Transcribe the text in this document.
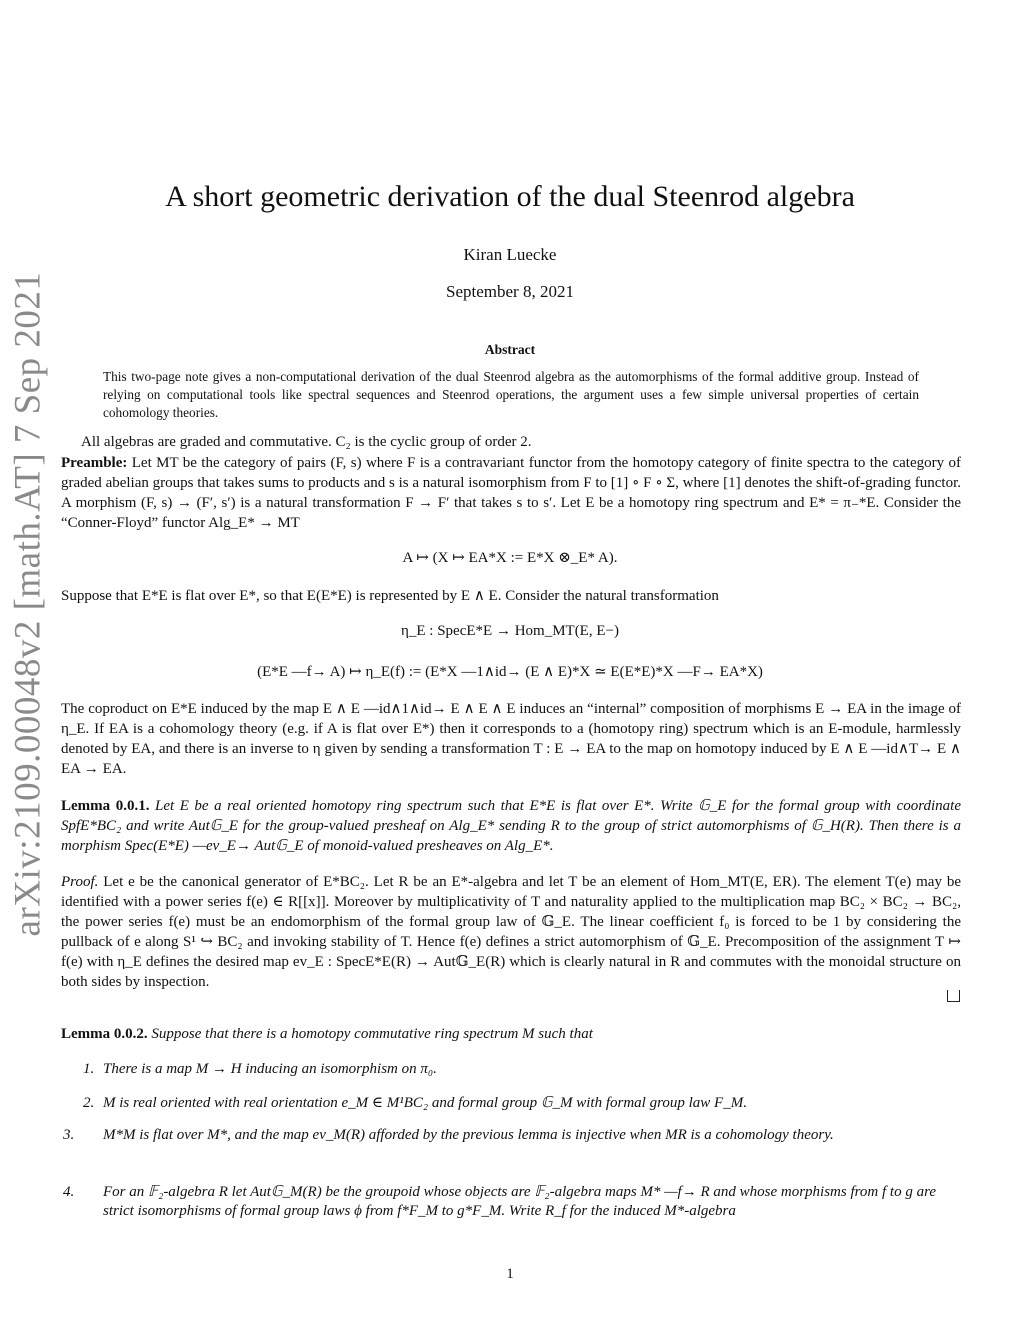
arXiv:2109.00048v2 [math.AT] 7 Sep 2021
A short geometric derivation of the dual Steenrod algebra
Kiran Luecke
September 8, 2021
Abstract
This two-page note gives a non-computational derivation of the dual Steenrod algebra as the automorphisms of the formal additive group. Instead of relying on computational tools like spectral sequences and Steenrod operations, the argument uses a few simple universal properties of certain cohomology theories.
All algebras are graded and commutative. C₂ is the cyclic group of order 2.
Preamble: Let MT be the category of pairs (F, s) where F is a contravariant functor from the homotopy category of finite spectra to the category of graded abelian groups that takes sums to products and s is a natural isomorphism from F to [1] ∘ F ∘ Σ, where [1] denotes the shift-of-grading functor. A morphism (F, s) → (F′, s′) is a natural transformation F → F′ that takes s to s′. Let E be a homotopy ring spectrum and E* = π₋*E. Consider the “Conner-Floyd” functor Alg_E* → MT
A ↦ (X ↦ EA*X := E*X ⊗_E* A).
Suppose that E*E is flat over E*, so that E(E*E) is represented by E ∧ E. Consider the natural transformation
η_E : SpecE*E → Hom_MT(E, E−)
(E*E —f→ A) ↦ η_E(f) := (E*X —1∧id→ (E ∧ E)*X ≃ E(E*E)*X —F→ EA*X)
The coproduct on E*E induced by the map E ∧ E —id∧1∧id→ E ∧ E ∧ E induces an “internal” composition of morphisms E → EA in the image of η_E. If EA is a cohomology theory (e.g. if A is flat over E*) then it corresponds to a (homotopy ring) spectrum which is an E-module, harmlessly denoted by EA, and there is an inverse to η given by sending a transformation T : E → EA to the map on homotopy induced by E ∧ E —id∧T→ E ∧ EA → EA.
Lemma 0.0.1. Let E be a real oriented homotopy ring spectrum such that E*E is flat over E*. Write 𝔾_E for the formal group with coordinate SpfE*BC₂ and write Aut𝔾_E for the group-valued presheaf on Alg_E* sending R to the group of strict automorphisms of 𝔾_H(R). Then there is a morphism Spec(E*E) —ev_E→ Aut𝔾_E of monoid-valued presheaves on Alg_E*.
Proof. Let e be the canonical generator of E*BC₂. Let R be an E*-algebra and let T be an element of Hom_MT(E, ER). The element T(e) may be identified with a power series f(e) ∈ R[[x]]. Moreover by multiplicativity of T and naturality applied to the multiplication map BC₂ × BC₂ → BC₂, the power series f(e) must be an endomorphism of the formal group law of 𝔾_E. The linear coefficient f₀ is forced to be 1 by considering the pullback of e along S¹ ↪ BC₂ and invoking stability of T. Hence f(e) defines a strict automorphism of 𝔾_E. Precomposition of the assignment T ↦ f(e) with η_E defines the desired map ev_E : SpecE*E(R) → Aut𝔾_E(R) which is clearly natural in R and commutes with the monoidal structure on both sides by inspection.
Lemma 0.0.2. Suppose that there is a homotopy commutative ring spectrum M such that
1. There is a map M → H inducing an isomorphism on π₀.
2. M is real oriented with real orientation e_M ∈ M¹BC₂ and formal group 𝔾_M with formal group law F_M.
3. M*M is flat over M*, and the map ev_M(R) afforded by the previous lemma is injective when MR is a cohomology theory.
4. For an 𝔽₂-algebra R let Aut𝔾_M(R) be the groupoid whose objects are 𝔽₂-algebra maps M* —f→ R and whose morphisms from f to g are strict isomorphisms of formal group laws ϕ from f*F_M to g*F_M. Write R_f for the induced M*-algebra
1
